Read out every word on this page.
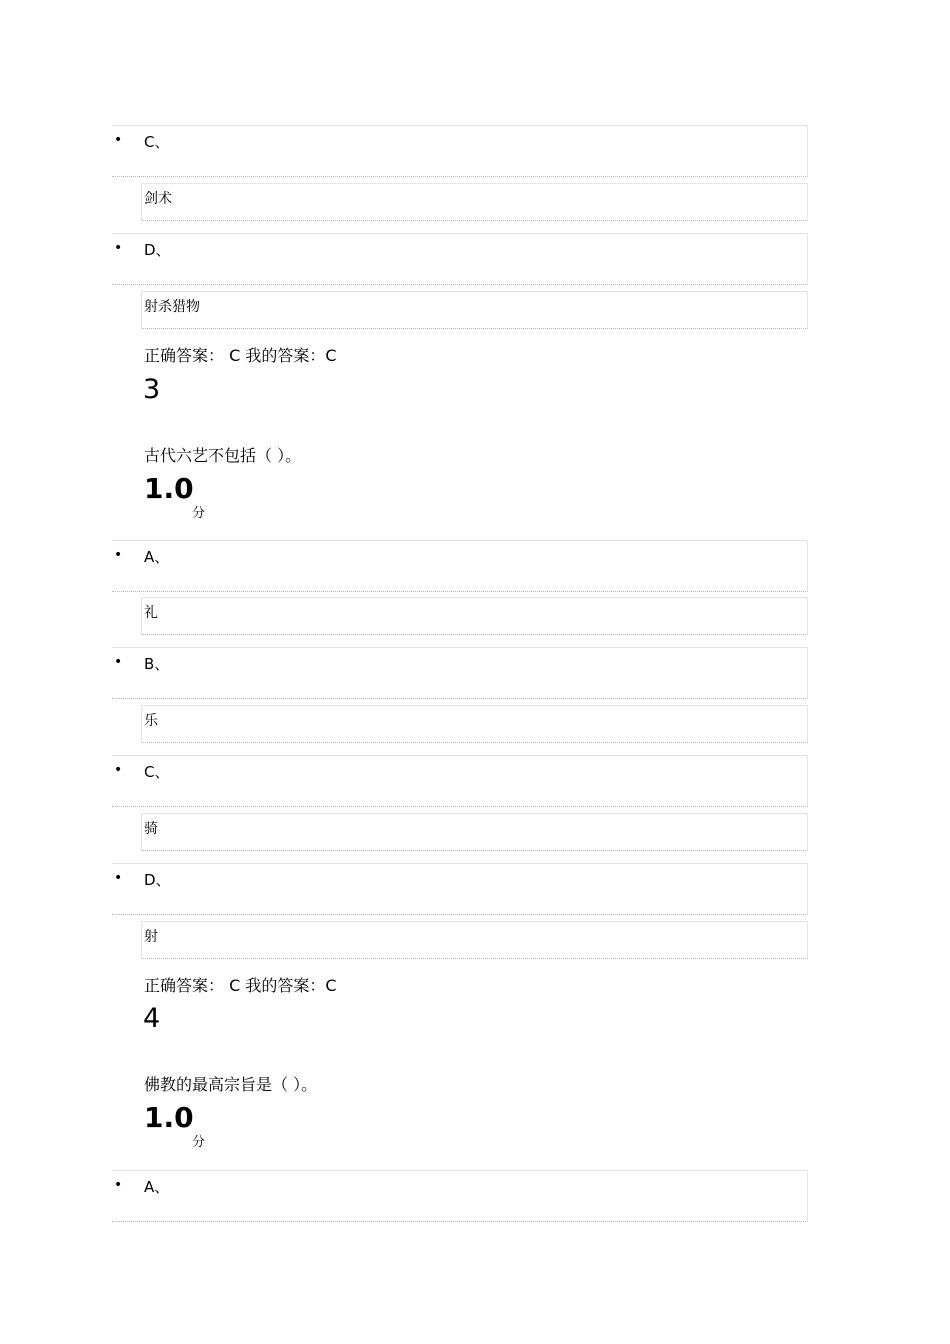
• C、
剑术
• D、
射杀猎物
正确答案： C 我的答案：C
3
古代六艺不包括（ ）。
1.0
分
• A、
礼
• B、
乐
• C、
骑
• D、
射
正确答案： C 我的答案：C
4
佛教的最高宗旨是（ ）。
1.0
分
• A、
